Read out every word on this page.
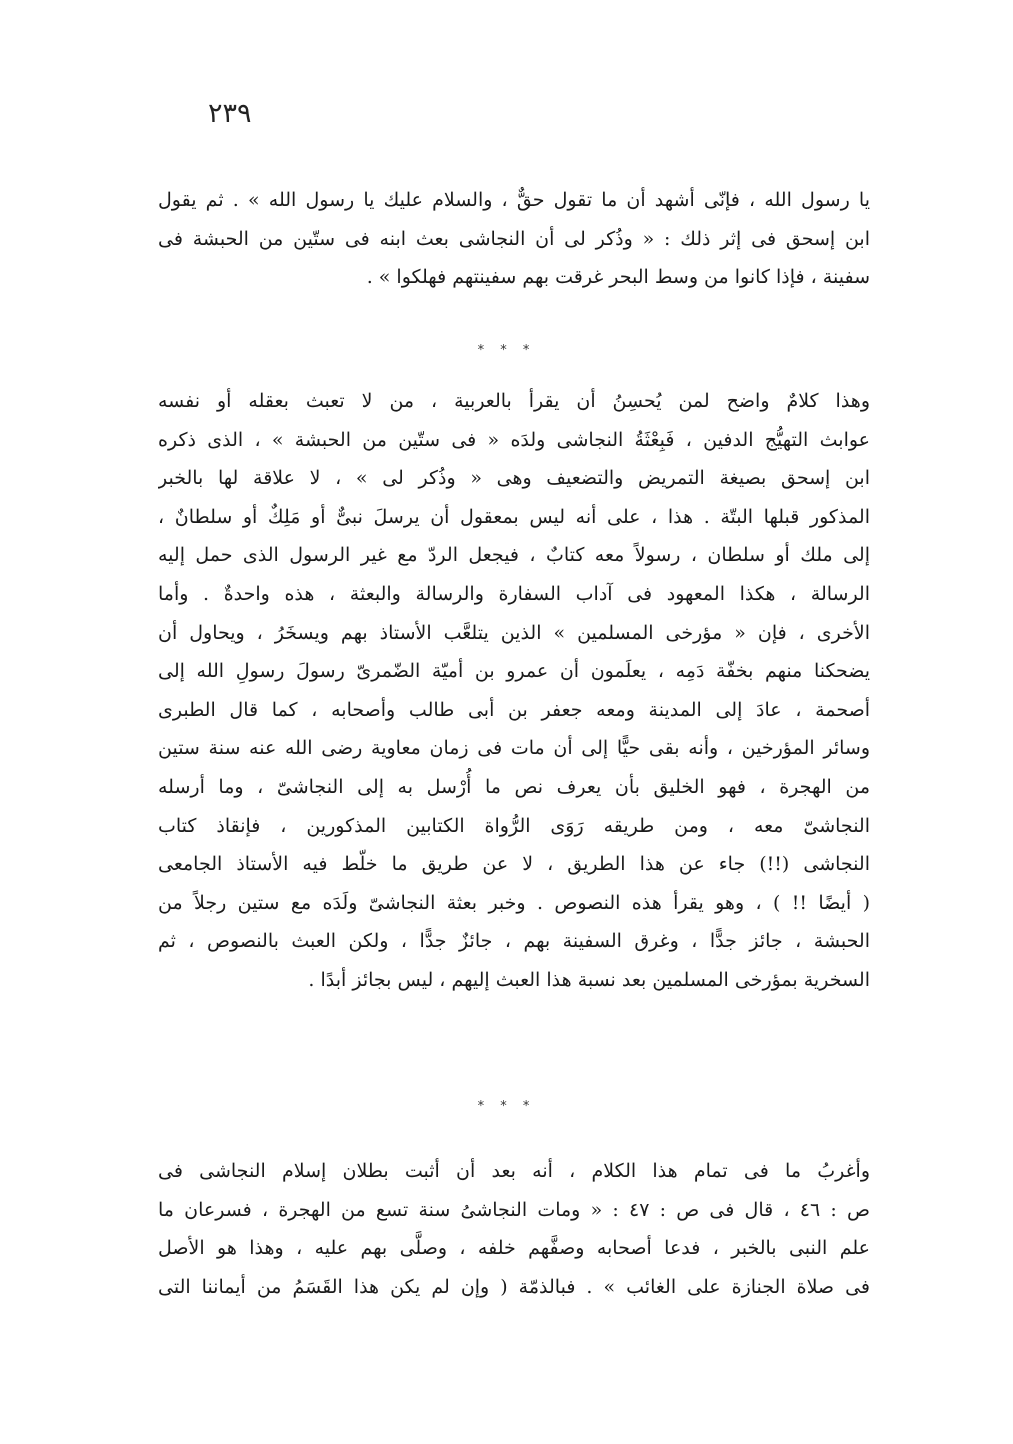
٢٣٩
يا رسول الله ، فإنّى أشهد أن ما تقول حقٌّ ، والسلام عليك يا رسول الله » . ثم يقول
ابن إسحق فى إثر ذلك : « وذُكر لى أن النجاشى بعث ابنه فى ستّين من الحبشة فى
سفينة ، فإذا كانوا من وسط البحر غرقت بهم سفينتهم فهلكوا » .
* * *
وهذا كلامٌ واضح لمن يُحسِنُ أن يقرأ بالعربية ، من لا تعبث بعقله أو نفسه
عوابث التهيُّج الدفين ، فَبِعْثَةُ النجاشى ولدَه « فى ستّين من الحبشة » ، الذى ذكره
ابن إسحق بصيغة التمريض والتضعيف وهى « وذُكر لى » ، لا علاقة لها بالخبر
المذكور قبلها البتّة . هذا ، على أنه ليس بمعقول أن يرسلَ نبىٌّ أو مَلِكٌ أو سلطانٌ ،
إلى ملك أو سلطان ، رسولاً معه كتابٌ ، فيجعل الردّ مع غير الرسول الذى حمل إليه
الرسالة ، هكذا المعهود فى آداب السفارة والرسالة والبعثة ، هذه واحدةٌ . وأما
الأخرى ، فإن « مؤرخى المسلمين » الذين يتلعَّب الأستاذ بهم ويسخَرُ ، ويحاول أن
يضحكنا منهم بخفّة دَمِه ، يعلَمون أن عمرو بن أميّة الضّمرىّ رسولَ رسولِ الله إلى
أصحمة ، عادَ إلى المدينة ومعه جعفر بن أبى طالب وأصحابه ، كما قال الطبرى
وسائر المؤرخين ، وأنه بقى حيًّا إلى أن مات فى زمان معاوية رضى الله عنه سنة ستين
من الهجرة ، فهو الخليق بأن يعرف نص ما أُرْسل به إلى النجاشىّ ، وما أرسله
النجاشىّ معه ، ومن طريقه رَوَى الرُّواة الكتابين المذكورين ، فإنقاذ كتاب
النجاشى (!!) جاء عن هذا الطريق ، لا عن طريق ما خلّط فيه الأستاذ الجامعى
( أيضًا !! ) ، وهو يقرأ هذه النصوص . وخبر بعثة النجاشىّ ولَدَه مع ستين رجلاً من
الحبشة ، جائز جدًّا ، وغرق السفينة بهم ، جائزٌ جدًّا ، ولكن العبث بالنصوص ، ثم
السخرية بمؤرخى المسلمين بعد نسبة هذا العبث إليهم ، ليس بجائز أبدًا .
* * *
وأغربُ ما فى تمام هذا الكلام ، أنه بعد أن أثبت بطلان إسلام النجاشى فى
ص : ٤٦ ، قال فى ص : ٤٧ : « ومات النجاشىُ سنة تسع من الهجرة ، فسرعان ما
علم النبى بالخبر ، فدعا أصحابه وصفَّهم خلفه ، وصلَّى بهم عليه ، وهذا هو الأصل
فى صلاة الجنازة على الغائب » . فبالذمّة ( وإن لم يكن هذا القَسَمُ من أيماننا التى
